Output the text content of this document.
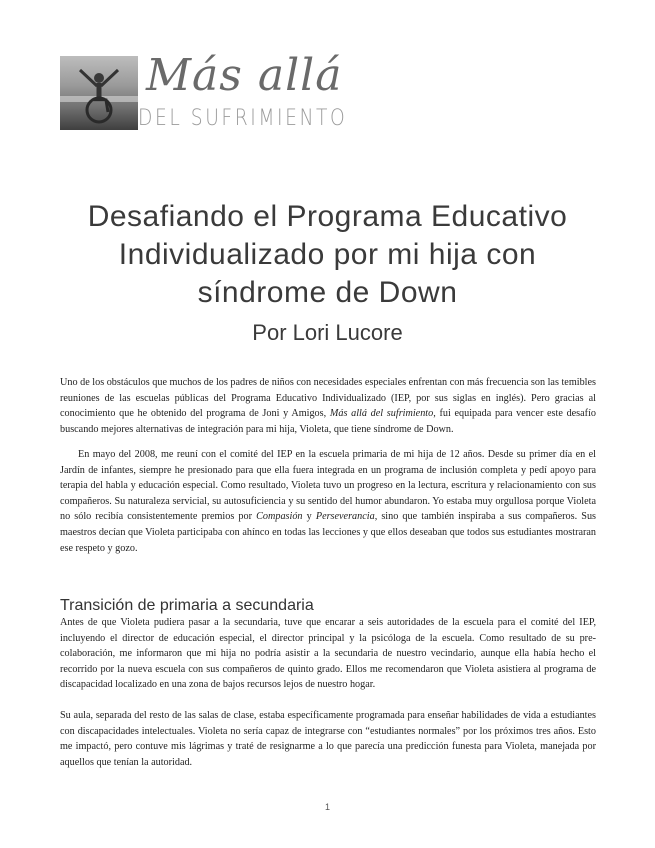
Más allá
DEL SUFRIMIENTO
Desafiando el Programa Educativo
Individualizado por mi hija con
síndrome de Down
Por Lori Lucore

Uno de los obstáculos que muchos de los padres de niños con necesidades especiales enfrentan con más frecuencia son las temibles reuniones de las escuelas públicas del Programa Educativo Individualizado (IEP, por sus siglas en inglés). Pero gracias al conocimiento que he obtenido del programa de Joni y Amigos, Más allá del sufrimiento, fui equipada para vencer este desafío buscando mejores alternativas de integración para mi hija, Violeta, que tiene síndrome de Down.

En mayo del 2008, me reuní con el comité del IEP en la escuela primaria de mi hija de 12 años. Desde su primer día en el Jardín de infantes, siempre he presionado para que ella fuera integrada en un programa de inclusión completa y pedí apoyo para terapia del habla y educación especial. Como resultado, Violeta tuvo un progreso en la lectura, escritura y relacionamiento con sus compañeros. Su naturaleza servicial, su autosuficiencia y su sentido del humor abundaron. Yo estaba muy orgullosa porque Violeta no sólo recibía consistentemente premios por Compasión y Perseverancia, sino que también inspiraba a sus compañeros. Sus maestros decían que Violeta participaba con ahínco en todas las lecciones y que ellos deseaban que todos sus estudiantes mostraran ese respeto y gozo.

Transición de primaria a secundaria

Antes de que Violeta pudiera pasar a la secundaria, tuve que encarar a seis autoridades de la escuela para el comité del IEP, incluyendo el director de educación especial, el director principal y la psicóloga de la escuela. Como resultado de su pre-colaboración, me informaron que mi hija no podría asistir a la secundaria de nuestro vecindario, aunque ella había hecho el recorrido por la nueva escuela con sus compañeros de quinto grado. Ellos me recomendaron que Violeta asistiera al programa de discapacidad localizado en una zona de bajos recursos lejos de nuestro hogar.

Su aula, separada del resto de las salas de clase, estaba específicamente programada para enseñar habilidades de vida a estudiantes con discapacidades intelectuales. Violeta no sería capaz de integrarse con “estudiantes normales” por los próximos tres años. Esto me impactó, pero contuve mis lágrimas y traté de resignarme a lo que parecía una predicción funesta para Violeta, manejada por aquellos que tenían la autoridad.

1
